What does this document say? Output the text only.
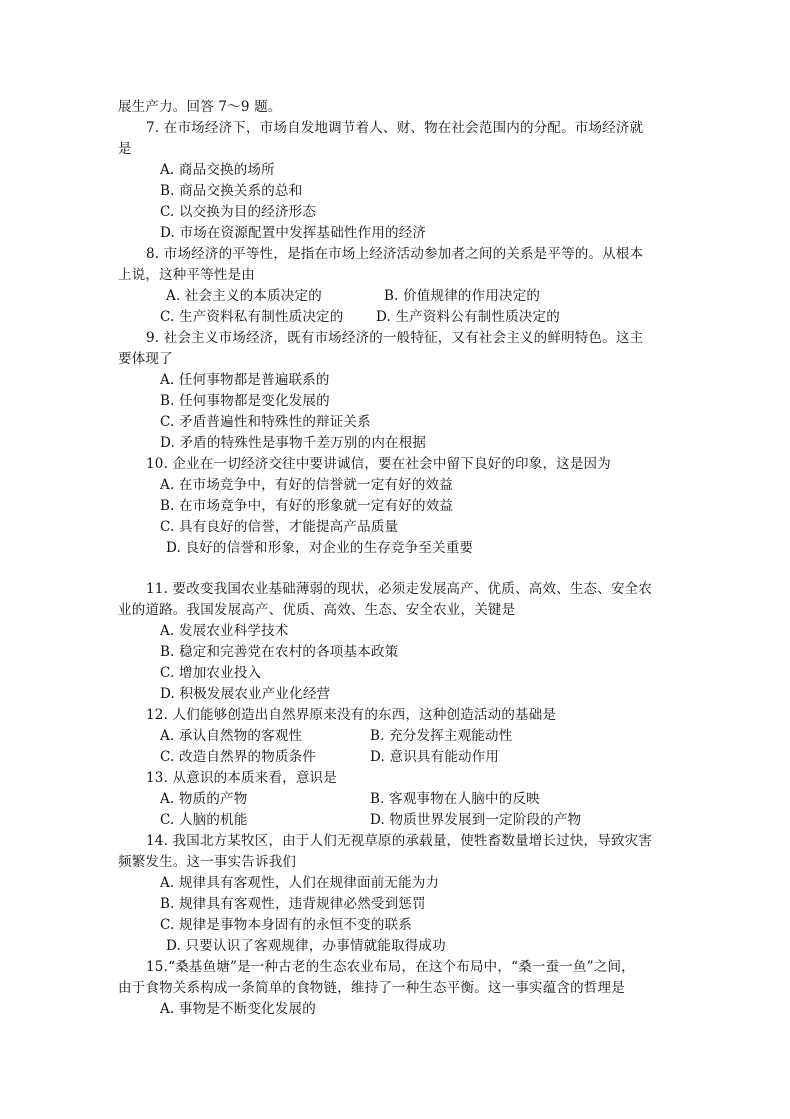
展生产力。回答 7～9 题。
7. 在市场经济下，市场自发地调节着人、财、物在社会范围内的分配。市场经济就
是
A. 商品交换的场所
B. 商品交换关系的总和
C. 以交换为目的经济形态
D. 市场在资源配置中发挥基础性作用的经济
8. 市场经济的平等性，是指在市场上经济活动参加者之间的关系是平等的。从根本
上说，这种平等性是由
A. 社会主义的本质决定的	B. 价值规律的作用决定的
C. 生产资料私有制性质决定的 D. 生产资料公有制性质决定的
9. 社会主义市场经济，既有市场经济的一般特征，又有社会主义的鲜明特色。这主
要体现了
A. 任何事物都是普遍联系的
B. 任何事物都是变化发展的
C. 矛盾普遍性和特殊性的辩证关系
D. 矛盾的特殊性是事物千差万别的内在根据
10. 企业在一切经济交往中要讲诚信，要在社会中留下良好的印象，这是因为
A. 在市场竞争中，有好的信誉就一定有好的效益
B. 在市场竞争中，有好的形象就一定有好的效益
C. 具有良好的信誉，才能提高产品质量
D. 良好的信誉和形象，对企业的生存竞争至关重要
11. 要改变我国农业基础薄弱的现状，必须走发展高产、优质、高效、生态、安全农
业的道路。我国发展高产、优质、高效、生态、安全农业，关键是
A. 发展农业科学技术
B. 稳定和完善党在农村的各项基本政策
C. 增加农业投入
D. 积极发展农业产业化经营
12. 人们能够创造出自然界原来没有的东西，这种创造活动的基础是
A. 承认自然物的客观性	B. 充分发挥主观能动性
C. 改造自然界的物质条件	D. 意识具有能动作用
13. 从意识的本质来看，意识是
A. 物质的产物	B. 客观事物在人脑中的反映
C. 人脑的机能	D. 物质世界发展到一定阶段的产物
14. 我国北方某牧区，由于人们无视草原的承载量，使牲畜数量增长过快，导致灾害
频繁发生。这一事实告诉我们
A. 规律具有客观性，人们在规律面前无能为力
B. 规律具有客观性，违背规律必然受到惩罚
C. 规律是事物本身固有的永恒不变的联系
D. 只要认识了客观规律，办事情就能取得成功
15.“桑基鱼塘”是一种古老的生态农业布局，在这个布局中，“桑一蚕一鱼”之间，
由于食物关系构成一条简单的食物链，维持了一种生态平衡。这一事实蕴含的哲理是
A. 事物是不断变化发展的
